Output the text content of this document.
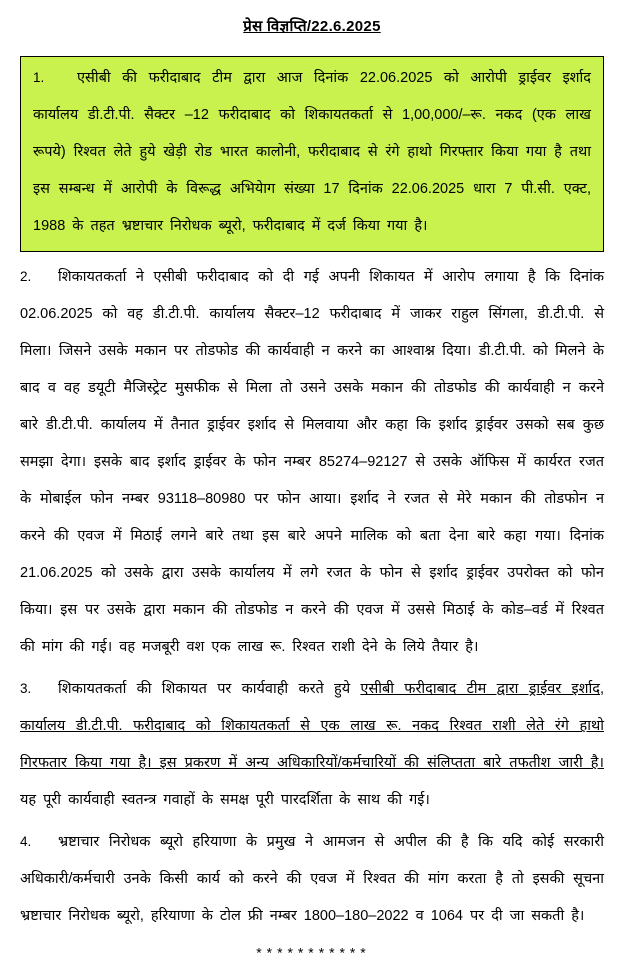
प्रेस विज्ञप्ति/22.6.2025
1. एसीबी की फरीदाबाद टीम द्वारा आज दिनांक 22.06.2025 को आरोपी ड्राईवर इर्शाद कार्यालय डी.टी.पी. सैक्टर –12 फरीदाबाद को शिकायतकर्ता से 1,00,000/–रू. नकद (एक लाख रूपये) रिश्वत लेते हुये खेड़ी रोड भारत कालोनी, फरीदाबाद से रंगे हाथो गिरफ्तार किया गया है तथा इस सम्बन्ध में आरोपी के विरूद्ध अभियेाग संख्या 17 दिनांक 22.06.2025 धारा 7 पी.सी. एक्ट, 1988 के तहत भ्रष्टाचार निरोधक ब्यूरो, फरीदाबाद में दर्ज किया गया है।
2. शिकायतकर्ता ने एसीबी फरीदाबाद को दी गई अपनी शिकायत में आरोप लगाया है कि दिनांक 02.06.2025 को वह डी.टी.पी. कार्यालय सैक्टर–12 फरीदाबाद में जाकर राहुल सिंगला, डी.टी.पी. से मिला। जिसने उसके मकान पर तोडफोड की कार्यवाही न करने का आश्वाश्न दिया। डी.टी.पी. को मिलने के बाद व वह डयूटी मैजिस्ट्रेट मुसफीक से मिला तो उसने उसके मकान की तोडफोड की कार्यवाही न करने बारे डी.टी.पी. कार्यालय में तैनात ड्राईवर इर्शाद से मिलवाया और कहा कि इर्शाद ड्राईवर उसको सब कुछ समझा देगा। इसके बाद इर्शाद ड्राईवर के फोन नम्बर 85274–92127 से उसके ऑफिस में कार्यरत रजत के मोबाईल फोन नम्बर 93118–80980 पर फोन आया। इर्शाद ने रजत से मेरे मकान की तोडफोन न करने की एवज में मिठाई लगने बारे तथा इस बारे अपने मालिक को बता देना बारे कहा गया। दिनांक 21.06.2025 को उसके द्वारा उसके कार्यालय में लगे रजत के फोन से इर्शाद ड्राईवर उपरोक्त को फोन किया। इस पर उसके द्वारा मकान की तोडफोड न करने की एवज में उससे मिठाई के कोड–वर्ड में रिश्वत की मांग की गई। वह मजबूरी वश एक लाख रू. रिश्वत राशी देने के लिये तैयार है।
3. शिकायतकर्ता की शिकायत पर कार्यवाही करते हुये एसीबी फरीदाबाद टीम द्वारा ड्राईवर इर्शाद, कार्यालय डी.टी.पी. फरीदाबाद को शिकायतकर्ता से एक लाख रू. नकद रिश्वत राशी लेते रंगे हाथो गिरफतार किया गया है। इस प्रकरण में अन्य अधिकारियों/कर्मचारियों की संलिप्तता बारे तफतीश जारी है। यह पूरी कार्यवाही स्वतन्त्र गवाहों के समक्ष पूरी पारदर्शिता के साथ की गई।
4. भ्रष्टाचार निरोधक ब्यूरो हरियाणा के प्रमुख ने आमजन से अपील की है कि यदि कोई सरकारी अधिकारी/कर्मचारी उनके किसी कार्य को करने की एवज में रिश्वत की मांग करता है तो इसकी सूचना भ्रष्टाचार निरोधक ब्यूरो, हरियाणा के टोल फ्री नम्बर 1800–180–2022 व 1064 पर दी जा सकती है।
***********
